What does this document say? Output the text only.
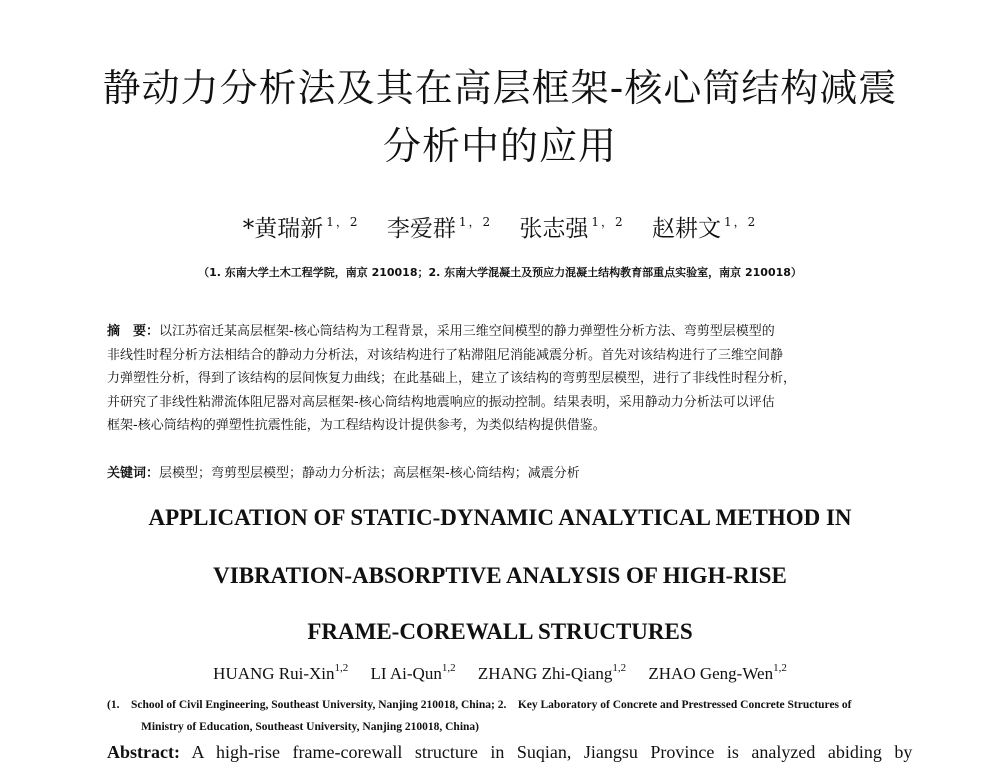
静动力分析法及其在高层框架-核心筒结构减震
分析中的应用
*黄瑞新 $^{1,2}$ 李爱群 $^{1,2}$ 张志强 $^{1,2}$ 赵耕文 $^{1,2}$
（1. 东南大学土木工程学院，南京 210018；2. 东南大学混凝土及预应力混凝土结构教育部重点实验室，南京 210018）
摘　要：以江苏宿迁某高层框架-核心筒结构为工程背景，采用三维空间模型的静力弹塑性分析方法、弯剪型层模型的
非线性时程分析方法相结合的静动力分析法，对该结构进行了粘滞阻尼消能减震分析。首先对该结构进行了三维空间静
力弹塑性分析，得到了该结构的层间恢复力曲线；在此基础上，建立了该结构的弯剪型层模型，进行了非线性时程分析，
并研究了非线性粘滞流体阻尼器对高层框架-核心筒结构地震响应的振动控制。结果表明，采用静动力分析法可以评估
框架-核心筒结构的弹塑性抗震性能，为工程结构设计提供参考，为类似结构提供借鉴。
关键词：层模型；弯剪型层模型；静动力分析法；高层框架-核心筒结构；减震分析
APPLICATION OF STATIC-DYNAMIC ANALYTICAL METHOD IN
VIBRATION-ABSORPTIVE ANALYSIS OF HIGH-RISE
FRAME-COREWALL STRUCTURES
HUANG Rui-Xin$^{1,2}$ LI Ai-Qun$^{1,2}$ ZHANG Zhi-Qiang$^{1,2}$ ZHAO Geng-Wen$^{1,2}$
(1.　School of Civil Engineering, Southeast University, Nanjing 210018, China; 2.　Key Laboratory of Concrete and Prestressed Concrete Structures of
Ministry of Education, Southeast University, Nanjing 210018, China)
Abstract: A high-rise frame-corewall structure in Suqian, Jiangsu Province is analyzed abiding by
